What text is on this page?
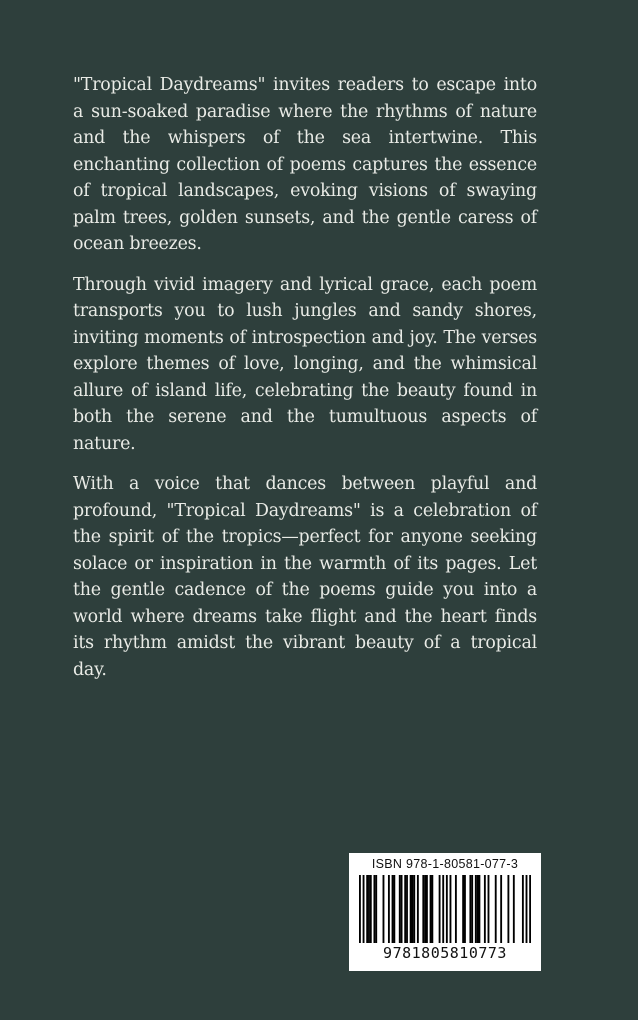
"Tropical Daydreams" invites readers to escape into a sun-soaked paradise where the rhythms of nature and the whispers of the sea intertwine. This enchanting collection of poems captures the essence of tropical landscapes, evoking visions of swaying palm trees, golden sunsets, and the gentle caress of ocean breezes.

Through vivid imagery and lyrical grace, each poem transports you to lush jungles and sandy shores, inviting moments of introspection and joy. The verses explore themes of love, longing, and the whimsical allure of island life, celebrating the beauty found in both the serene and the tumultuous aspects of nature.

With a voice that dances between playful and profound, "Tropical Daydreams" is a celebration of the spirit of the tropics—perfect for anyone seeking solace or inspiration in the warmth of its pages. Let the gentle cadence of the poems guide you into a world where dreams take flight and the heart finds its rhythm amidst the vibrant beauty of a tropical day.

ISBN 978-1-80581-077-3
9781805810773
